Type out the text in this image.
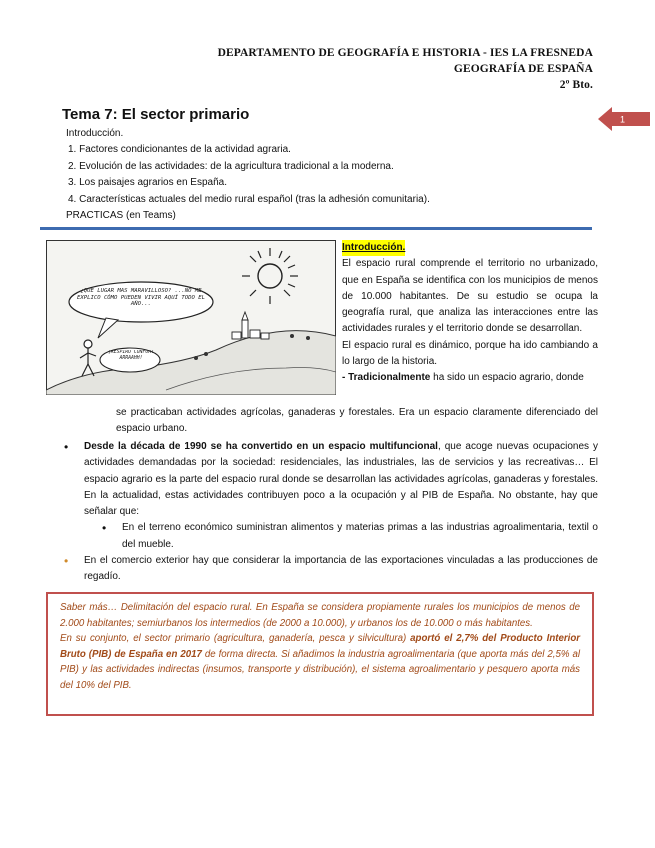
DEPARTAMENTO DE GEOGRAFÍA E HISTORIA - IES LA FRESNEDA
GEOGRAFÍA DE ESPAÑA
2º Bto.
Tema 7: El sector primario
Introducción.
1. Factores condicionantes de la actividad agraria.
2. Evolución de las actividades: de la agricultura tradicional a la moderna.
3. Los paisajes agrarios en España.
4. Características actuales del medio rural español (tras la adhesión comunitaria).
PRACTICAS (en Teams)
1
¿QUÉ LUGAR MÁS MARAVILLOSO? ...NO ME EXPLICO CÓMO PUEDEN VIVIR AQUÍ TODO EL AÑO...
¡RESPIRO CONFORT ARRAAHH!
Introducción.
El espacio rural comprende el territorio no urbanizado, que en España se identifica con los municipios de menos de 10.000 habitantes. De su estudio se ocupa la geografía rural, que analiza las interacciones entre las actividades rurales y el territorio donde se desarrollan.
El espacio rural es dinámico, porque ha ido cambiando a lo largo de la historia.
- Tradicionalmente ha sido un espacio agrario, donde
se practicaban actividades agrícolas, ganaderas y forestales. Era un espacio claramente diferenciado del espacio urbano.
• Desde la década de 1990 se ha convertido en un espacio multifuncional, que acoge nuevas ocupaciones y actividades demandadas por la sociedad: residenciales, las industriales, las de servicios y las recreativas… El espacio agrario es la parte del espacio rural donde se desarrollan las actividades agrícolas, ganaderas y forestales. En la actualidad, estas actividades contribuyen poco a la ocupación y al PIB de España. No obstante, hay que señalar que:
• En el terreno económico suministran alimentos y materias primas a las industrias agroalimentaria, textil o del mueble.
• En el comercio exterior hay que considerar la importancia de las exportaciones vinculadas a las producciones de regadío.
Saber más… Delimitación del espacio rural. En España se considera propiamente rurales los municipios de menos de 2.000 habitantes; semiurbanos los intermedios (de 2000 a 10.000), y urbanos los de 10.000 o más habitantes.
En su conjunto, el sector primario (agricultura, ganadería, pesca y silvicultura) aportó el 2,7% del Producto Interior Bruto (PIB) de España en 2017 de forma directa. Si añadimos la industria agroalimentaria (que aporta más del 2,5% al PIB) y las actividades indirectas (insumos, transporte y distribución), el sistema agroalimentario y pesquero aporta más del 10% del PIB.
